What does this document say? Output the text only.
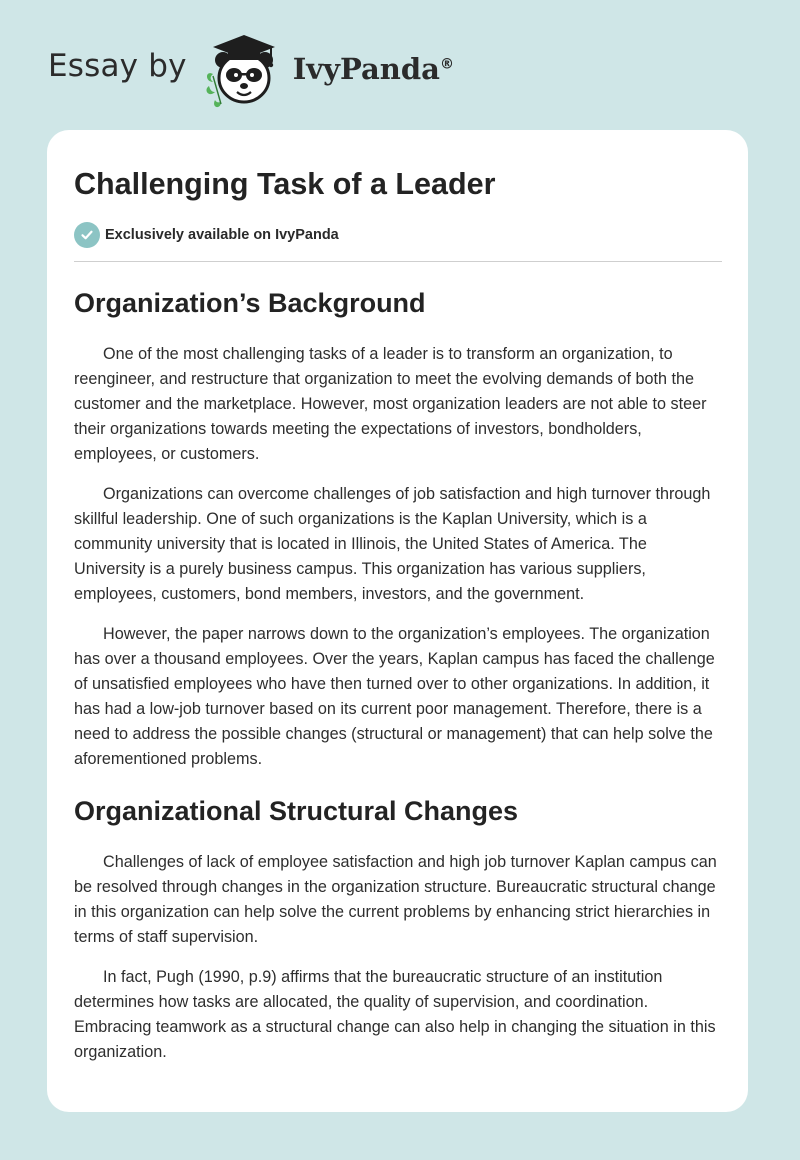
Essay by	IvyPanda®
Challenging Task of a Leader
Exclusively available on IvyPanda
Organization’s Background

One of the most challenging tasks of a leader is to transform an organization, to reengineer, and restructure that organization to meet the evolving demands of both the customer and the marketplace. However, most organization leaders are not able to steer their organizations towards meeting the expectations of investors, bondholders, employees, or customers.

Organizations can overcome challenges of job satisfaction and high turnover through skillful leadership. One of such organizations is the Kaplan University, which is a community university that is located in Illinois, the United States of America. The University is a purely business campus. This organization has various suppliers, employees, customers, bond members, investors, and the government.

However, the paper narrows down to the organization’s employees. The organization has over a thousand employees. Over the years, Kaplan campus has faced the challenge of unsatisfied employees who have then turned over to other organizations. In addition, it has had a low-job turnover based on its current poor management. Therefore, there is a need to address the possible changes (structural or management) that can help solve the aforementioned problems.

Organizational Structural Changes

Challenges of lack of employee satisfaction and high job turnover Kaplan campus can be resolved through changes in the organization structure. Bureaucratic structural change in this organization can help solve the current problems by enhancing strict hierarchies in terms of staff supervision.

In fact, Pugh (1990, p.9) affirms that the bureaucratic structure of an institution determines how tasks are allocated, the quality of supervision, and coordination. Embracing teamwork as a structural change can also help in changing the situation in this organization.
